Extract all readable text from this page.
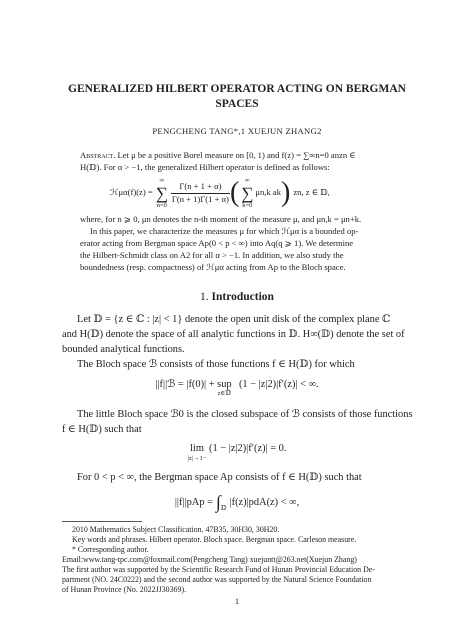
GENERALIZED HILBERT OPERATOR ACTING ON BERGMAN
SPACES
PENGCHENG TANG*,1 XUEJUN ZHANG2
Abstract. Let μ be a positive Borel measure on [0, 1) and f(z) = ∑∞n=0 anzn ∈
H(𝔻). For α > −1, the generalized Hilbert operator is defined as follows:
ℋμα(f)(z) =
∞
∑
$n=0 \frac{\Gamma(n + 1 + \alpha)}{\Gamma(n + 1)\Gamma(1 + \alpha)}$ ( ∞
∑
k=0
μn,k ak ) zn, z ∈ 𝔻,
where, for n ⩾ 0, μn denotes the n-th moment of the measure μ, and μn,k = μn+k.
In this paper, we characterize the measures μ for which ℋμα is a bounded op-
erator acting from Bergman space Ap(0 < p < ∞) into Aq(q ⩾ 1). We determine
the Hilbert-Schmidt class on A2 for all α > −1. In addition, we also study the
boundedness (resp. compactness) of ℋμα acting from Ap to the Bloch space.
1. Introduction
Let 𝔻 = {z ∈ ℂ : |z| < 1} denote the open unit disk of the complex plane ℂ
and H(𝔻) denote the space of all analytic functions in 𝔻. H∞(𝔻) denote the set of
bounded analytical functions.
The Bloch space ℬ consists of those functions f ∈ H(𝔻) for which
||f||ℬ = |f(0)| + sup$_{z\in 𝔻}$(1 − |z|2)|f′(z)| < ∞.
The little Bloch space ℬ0 is the closed subspace of ℬ consists of those functions
f ∈ H(𝔻) such that
lim
|z|→1−
(1 − |z|2)|f′(z)| = 0.
For 0 < p < ∞, the Bergman space Ap consists of f ∈ H(𝔻) such that
||f||pAp = ∫ 𝔻
|f(z)|pdA(z) < ∞,
2010 Mathematics Subject Classification. 47B35, 30H30, 30H20.
Key words and phrases. Hilbert operator. Bloch space. Bergman space. Carleson measure.
* Corresponding author.
Email:www.tang-tpc.com@foxmail.com(Pengcheng Tang) xuejuntt@263.net(Xuejun Zhang)
The first author was supported by the Scientific Research Fund of Hunan Provincial Education De-
partment (NO. 24C0222) and the second author was supported by the Natural Science Foundation
of Hunan Province (No. 2022JJ30369).
1
